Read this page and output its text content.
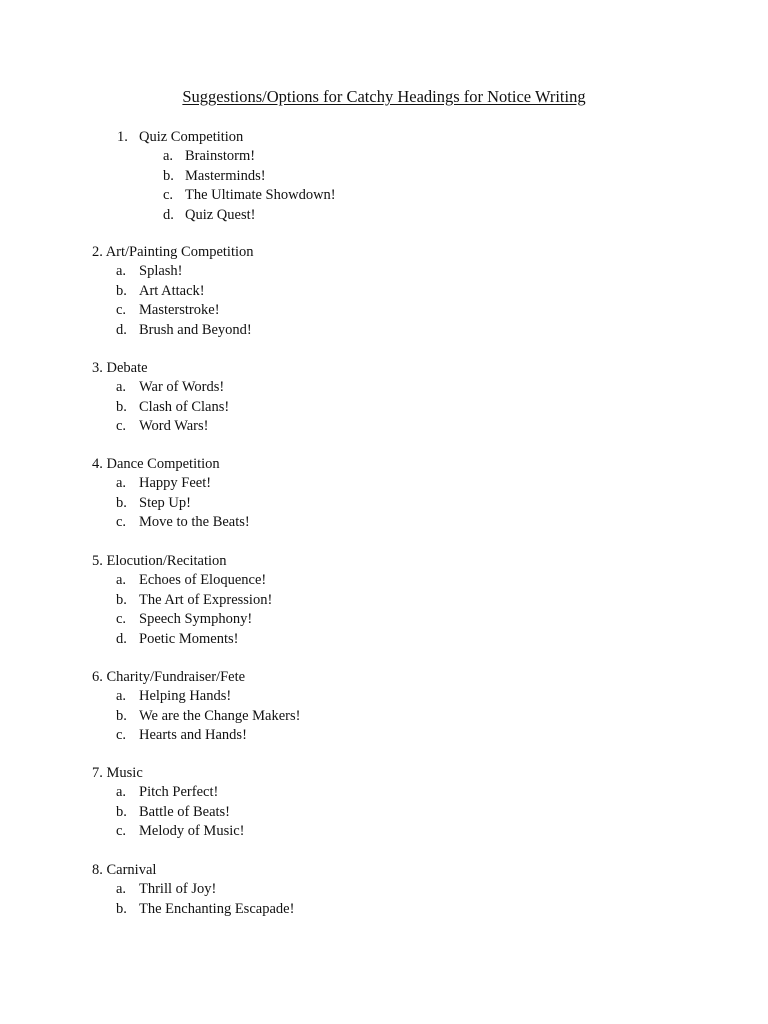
Suggestions/Options for Catchy Headings for Notice Writing
1. Quiz Competition
a. Brainstorm!
b. Masterminds!
c. The Ultimate Showdown!
d. Quiz Quest!
2. Art/Painting Competition
a. Splash!
b. Art Attack!
c. Masterstroke!
d. Brush and Beyond!
3. Debate
a. War of Words!
b. Clash of Clans!
c. Word Wars!
4. Dance Competition
a. Happy Feet!
b. Step Up!
c. Move to the Beats!
5. Elocution/Recitation
a. Echoes of Eloquence!
b. The Art of Expression!
c. Speech Symphony!
d. Poetic Moments!
6. Charity/Fundraiser/Fete
a. Helping Hands!
b. We are the Change Makers!
c. Hearts and Hands!
7. Music
a. Pitch Perfect!
b. Battle of Beats!
c. Melody of Music!
8. Carnival
a. Thrill of Joy!
b. The Enchanting Escapade!
